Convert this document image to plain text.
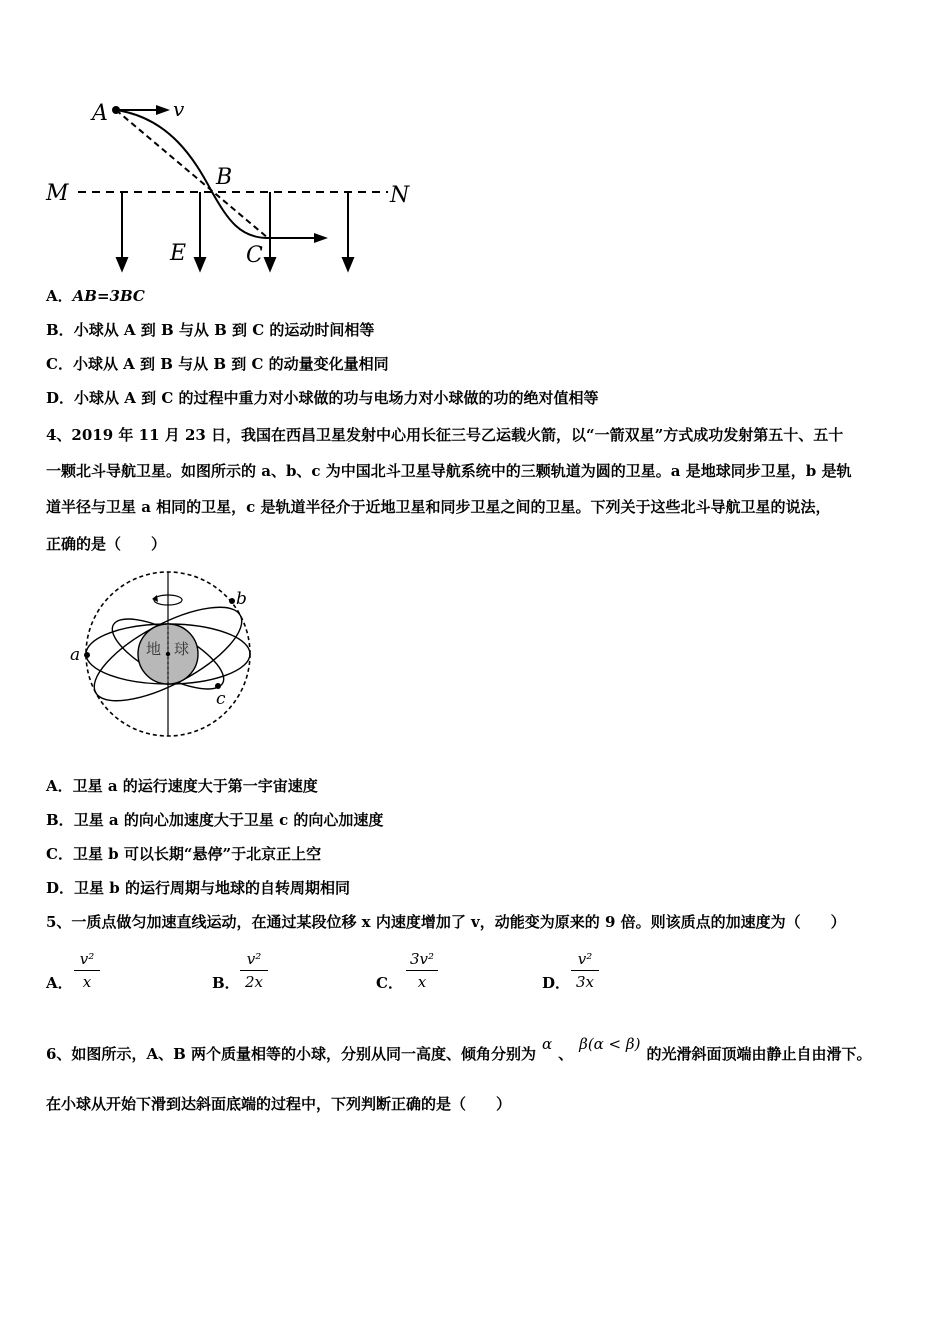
A	v
B
M	N
E	C
A．AB=3BC
B．小球从 A 到 B 与从 B 到 C 的运动时间相等
C．小球从 A 到 B 与从 B 到 C 的动量变化量相同
D．小球从 A 到 C 的过程中重力对小球做的功与电场力对小球做的功的绝对值相等
4、2019 年 11 月 23 日，我国在西昌卫星发射中心用长征三号乙运载火箭，以“一箭双星”方式成功发射第五十、五十
一颗北斗导航卫星。如图所示的 a、b、c 为中国北斗卫星导航系统中的三颗轨道为圆的卫星。a 是地球同步卫星，b 是轨
道半径与卫星 a 相同的卫星，c 是轨道半径介于近地卫星和同步卫星之间的卫星。下列关于这些北斗导航卫星的说法，
正确的是（　　）
地 球
a
b
c
A．卫星 a 的运行速度大于第一宇宙速度
B．卫星 a 的向心加速度大于卫星 c 的向心加速度
C．卫星 b 可以长期“悬停”于北京正上空
D．卫星 b 的运行周期与地球的自转周期相同
5、一质点做匀加速直线运动，在通过某段位移 x 内速度增加了 v，动能变为原来的 9 倍。则该质点的加速度为（　　）
A．
v²
x	B．
v²
2x	C．
3v²
x	D．
v²
3x
6、如图所示，A、B 两个质量相等的小球，分别从同一高度、倾角分别为α、β(α < β)的光滑斜面顶端由静止自由滑下。
在小球从开始下滑到达斜面底端的过程中，下列判断正确的是（　　）
